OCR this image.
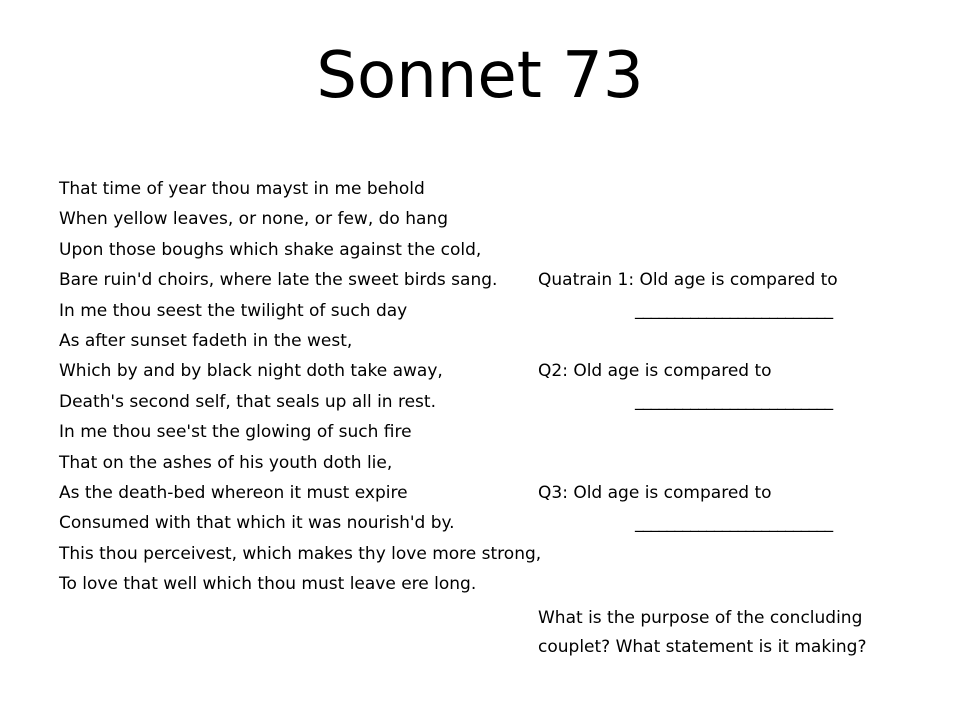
Sonnet 73
That time of year thou mayst in me behold
When yellow leaves, or none, or few, do hang
Upon those boughs which shake against the cold,
Bare ruin'd choirs, where late the sweet birds sang.
In me thou seest the twilight of such day
As after sunset fadeth in the west,
Which by and by black night doth take away,
Death's second self, that seals up all in rest.
In me thou see'st the glowing of such fire
That on the ashes of his youth doth lie,
As the death-bed whereon it must expire
Consumed with that which it was nourish'd by.
This thou perceivest, which makes thy love more strong,
To love that well which thou must leave ere long.
Quatrain 1: Old age is compared to
_________________________
Q2: Old age is compared to
_________________________
Q3: Old age is compared to
_________________________

What is the purpose of the concluding couplet? What statement is it making?
